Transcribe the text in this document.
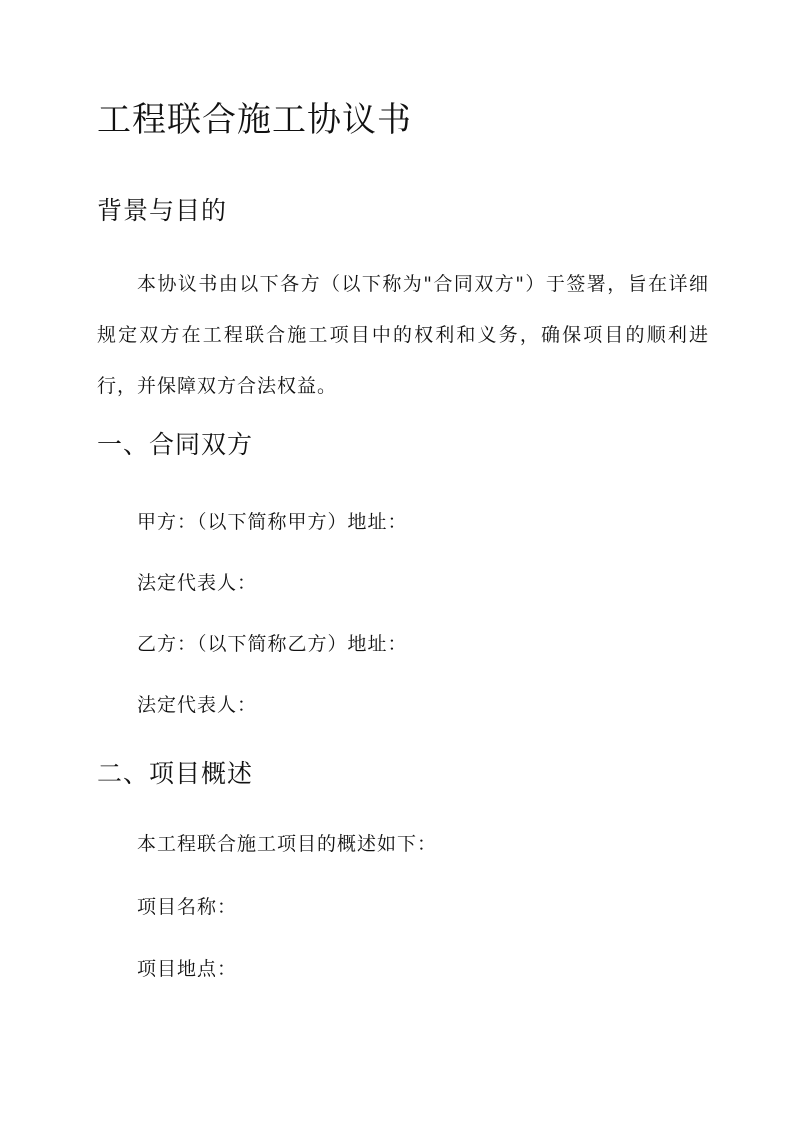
工程联合施工协议书
背景与目的

本协议书由以下各方（以下称为"合同双方"）于签署，旨在详细规定双方在工程联合施工项目中的权利和义务，确保项目的顺利进行，并保障双方合法权益。

一、合同双方

甲方：（以下简称甲方）地址：

法定代表人：

乙方：（以下简称乙方）地址：

法定代表人：

二、项目概述

本工程联合施工项目的概述如下：

项目名称：

项目地点：
